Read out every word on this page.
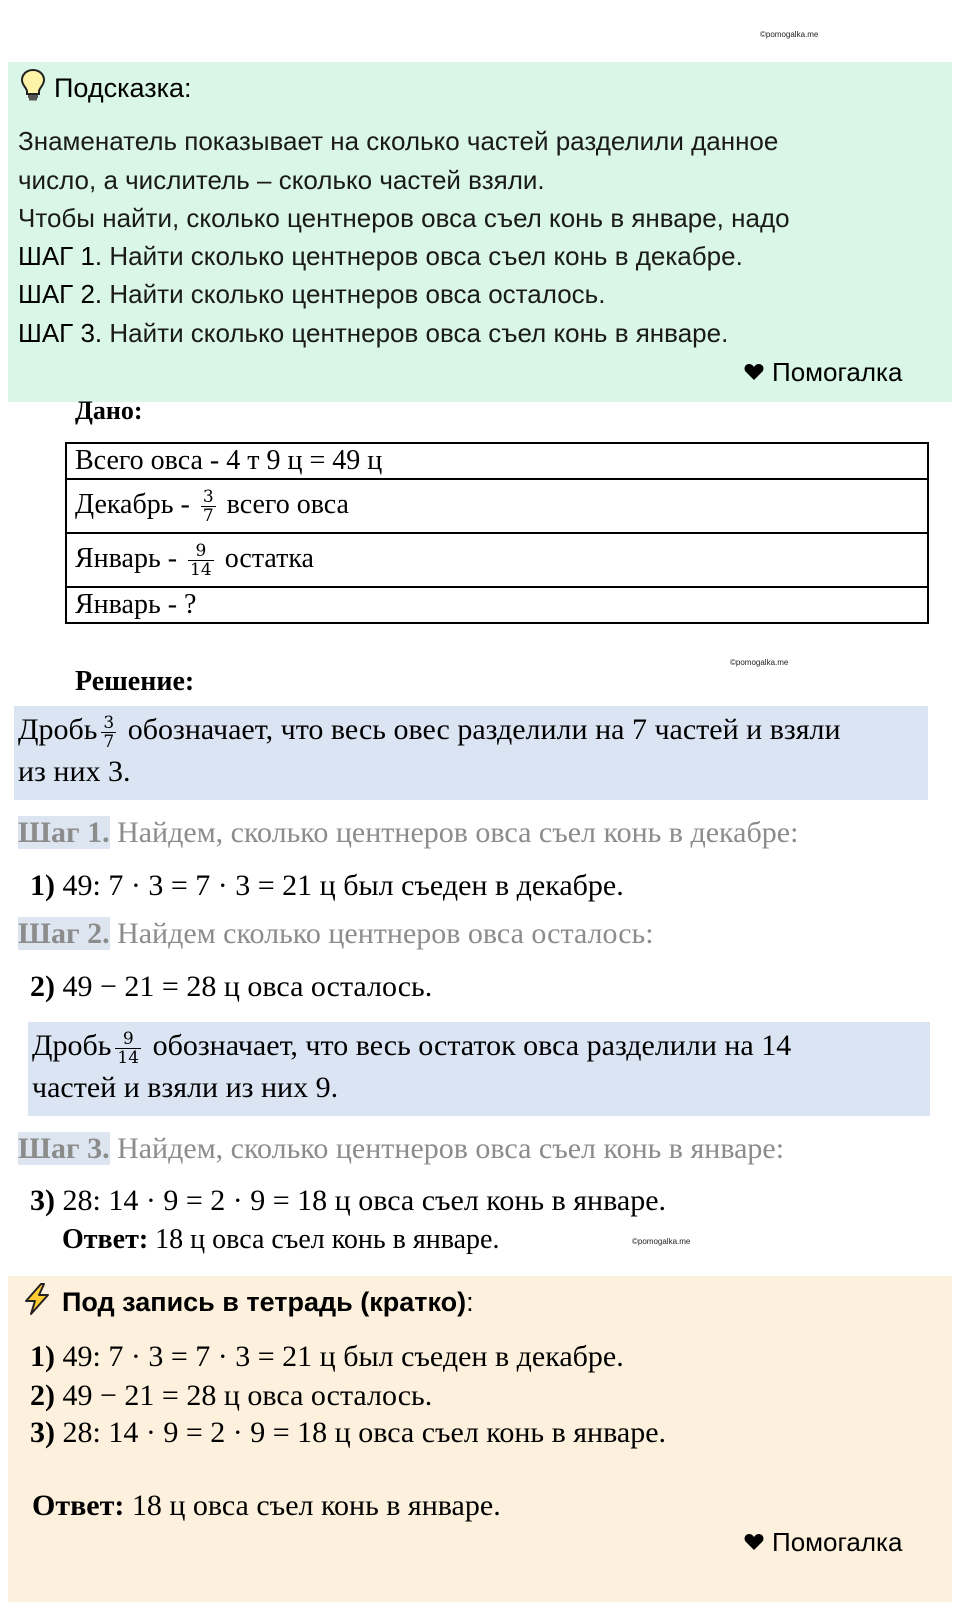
©pomogalka.me
©pomogalka.me
©pomogalka.me
Подсказка:
Знаменатель показывает на сколько частей разделили данное
число, а числитель – сколько частей взяли.
Чтобы найти, сколько центнеров овса съел конь в январе, надо
ШАГ 1. Найти сколько центнеров овса съел конь в декабре.
ШАГ 2. Найти сколько центнеров овса осталось.
ШАГ 3. Найти сколько центнеров овса съел конь в январе.
Помогалка
Дано:
Всего овса - 4 т 9 ц = 49 ц
Декабрь - $\frac{3}{7}$ всего овса
Январь - $\frac{9}{14}$ остатка
Январь - ?
Решение:
Дробь $\frac{3}{7}$ обозначает, что весь овес разделили на 7 частей и взяли
из них 3.
Шаг 1. Найдем, сколько центнеров овса съел конь в декабре:
1) 49: 7 · 3 = 7 · 3 = 21 ц был съеден в декабре.
Шаг 2. Найдем сколько центнеров овса осталось:
2) 49 − 21 = 28 ц овса осталось.
Дробь $\frac{9}{14}$ обозначает, что весь остаток овса разделили на 14
частей и взяли из них 9.
Шаг 3. Найдем, сколько центнеров овса съел конь в январе:
3) 28: 14 · 9 = 2 · 9 = 18 ц овса съел конь в январе.
Ответ: 18 ц овса съел конь в январе.
Под запись в тетрадь (кратко):
1) 49: 7 · 3 = 7 · 3 = 21 ц был съеден в декабре.
2) 49 − 21 = 28 ц овса осталось.
3) 28: 14 · 9 = 2 · 9 = 18 ц овса съел конь в январе.
Ответ: 18 ц овса съел конь в январе.
Помогалка
